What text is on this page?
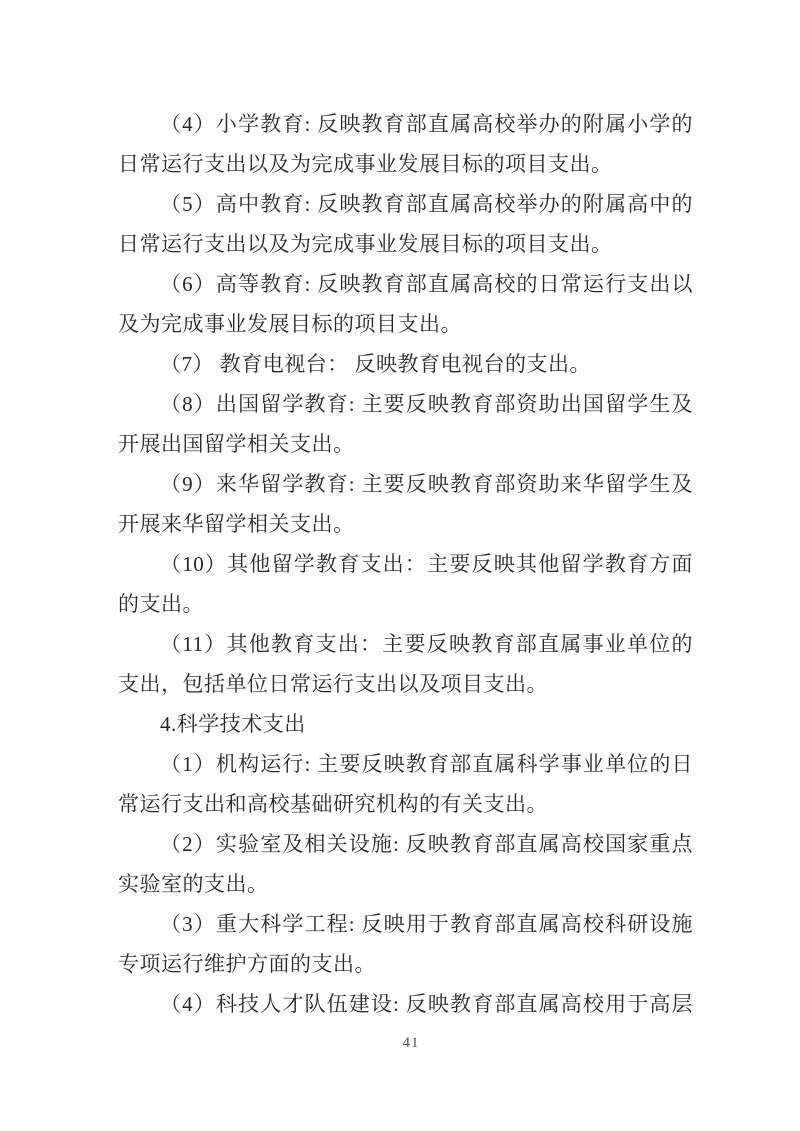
（4）小学教育: 反映教育部直属高校举办的附属小学的
日常运行支出以及为完成事业发展目标的项目支出。
（5）高中教育: 反映教育部直属高校举办的附属高中的
日常运行支出以及为完成事业发展目标的项目支出。
（6）高等教育: 反映教育部直属高校的日常运行支出以
及为完成事业发展目标的项目支出。
（7） 教育电视台： 反映教育电视台的支出。
（8）出国留学教育: 主要反映教育部资助出国留学生及
开展出国留学相关支出。
（9）来华留学教育: 主要反映教育部资助来华留学生及
开展来华留学相关支出。
（10）其他留学教育支出：主要反映其他留学教育方面
的支出。
（11）其他教育支出：主要反映教育部直属事业单位的
支出，包括单位日常运行支出以及项目支出。
4.科学技术支出
（1）机构运行: 主要反映教育部直属科学事业单位的日
常运行支出和高校基础研究机构的有关支出。
（2）实验室及相关设施: 反映教育部直属高校国家重点
实验室的支出。
（3）重大科学工程: 反映用于教育部直属高校科研设施
专项运行维护方面的支出。
（4）科技人才队伍建设: 反映教育部直属高校用于高层
41
